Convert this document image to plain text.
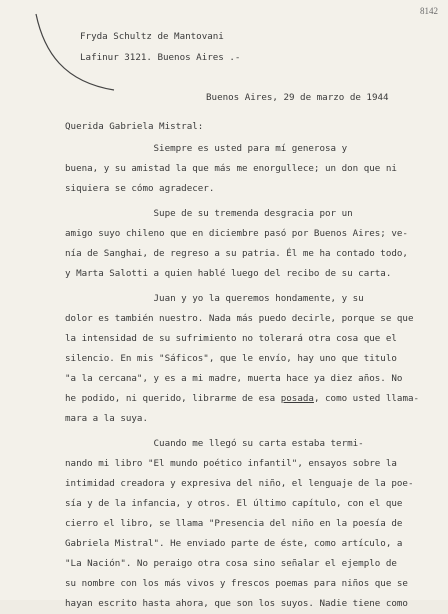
8142
Fryda Schultz de Mantovani
Lafinur 3121. Buenos Aires .-
Buenos Aires, 29 de marzo de 1944
Querida Gabriela Mistral:
Siempre es usted para mí generosa y
buena, y su amistad la que más me enorgullece; un don que ni
siquiera se cómo agradecer.
Supe de su tremenda desgracia por un
amigo suyo chileno que en diciembre pasó por Buenos Aires; ve-
nía de Sanghai, de regreso a su patria. Él me ha contado todo,
y Marta Salotti a quien hablé luego del recibo de su carta.
Juan y yo la queremos hondamente, y su
dolor es también nuestro. Nada más puedo decirle, porque se que
la intensidad de su sufrimiento no tolerará otra cosa que el
silencio. En mis "Sáficos", que le envío, hay uno que titulo
"a la cercana", y es a mi madre, muerta hace ya diez años. No
he podido, ni querido, librarme de esa posada, como usted llama-
mara a la suya.
Cuando me llegó su carta estaba termi-
nando mi libro "El mundo poético infantil", ensayos sobre la
intimidad creadora y expresiva del niño, el lenguaje de la poe-
sía y de la infancia, y otros. El último capítulo, con el que
cierro el libro, se llama "Presencia del niño en la poesía de
Gabriela Mistral". He enviado parte de éste, como artículo, a
"La Nación". No peraigo otra cosa sino señalar el ejemplo de
su nombre con los más vivos y frescos poemas para niños que se
hayan escrito hasta ahora, que son los suyos. Nadie tiene como
